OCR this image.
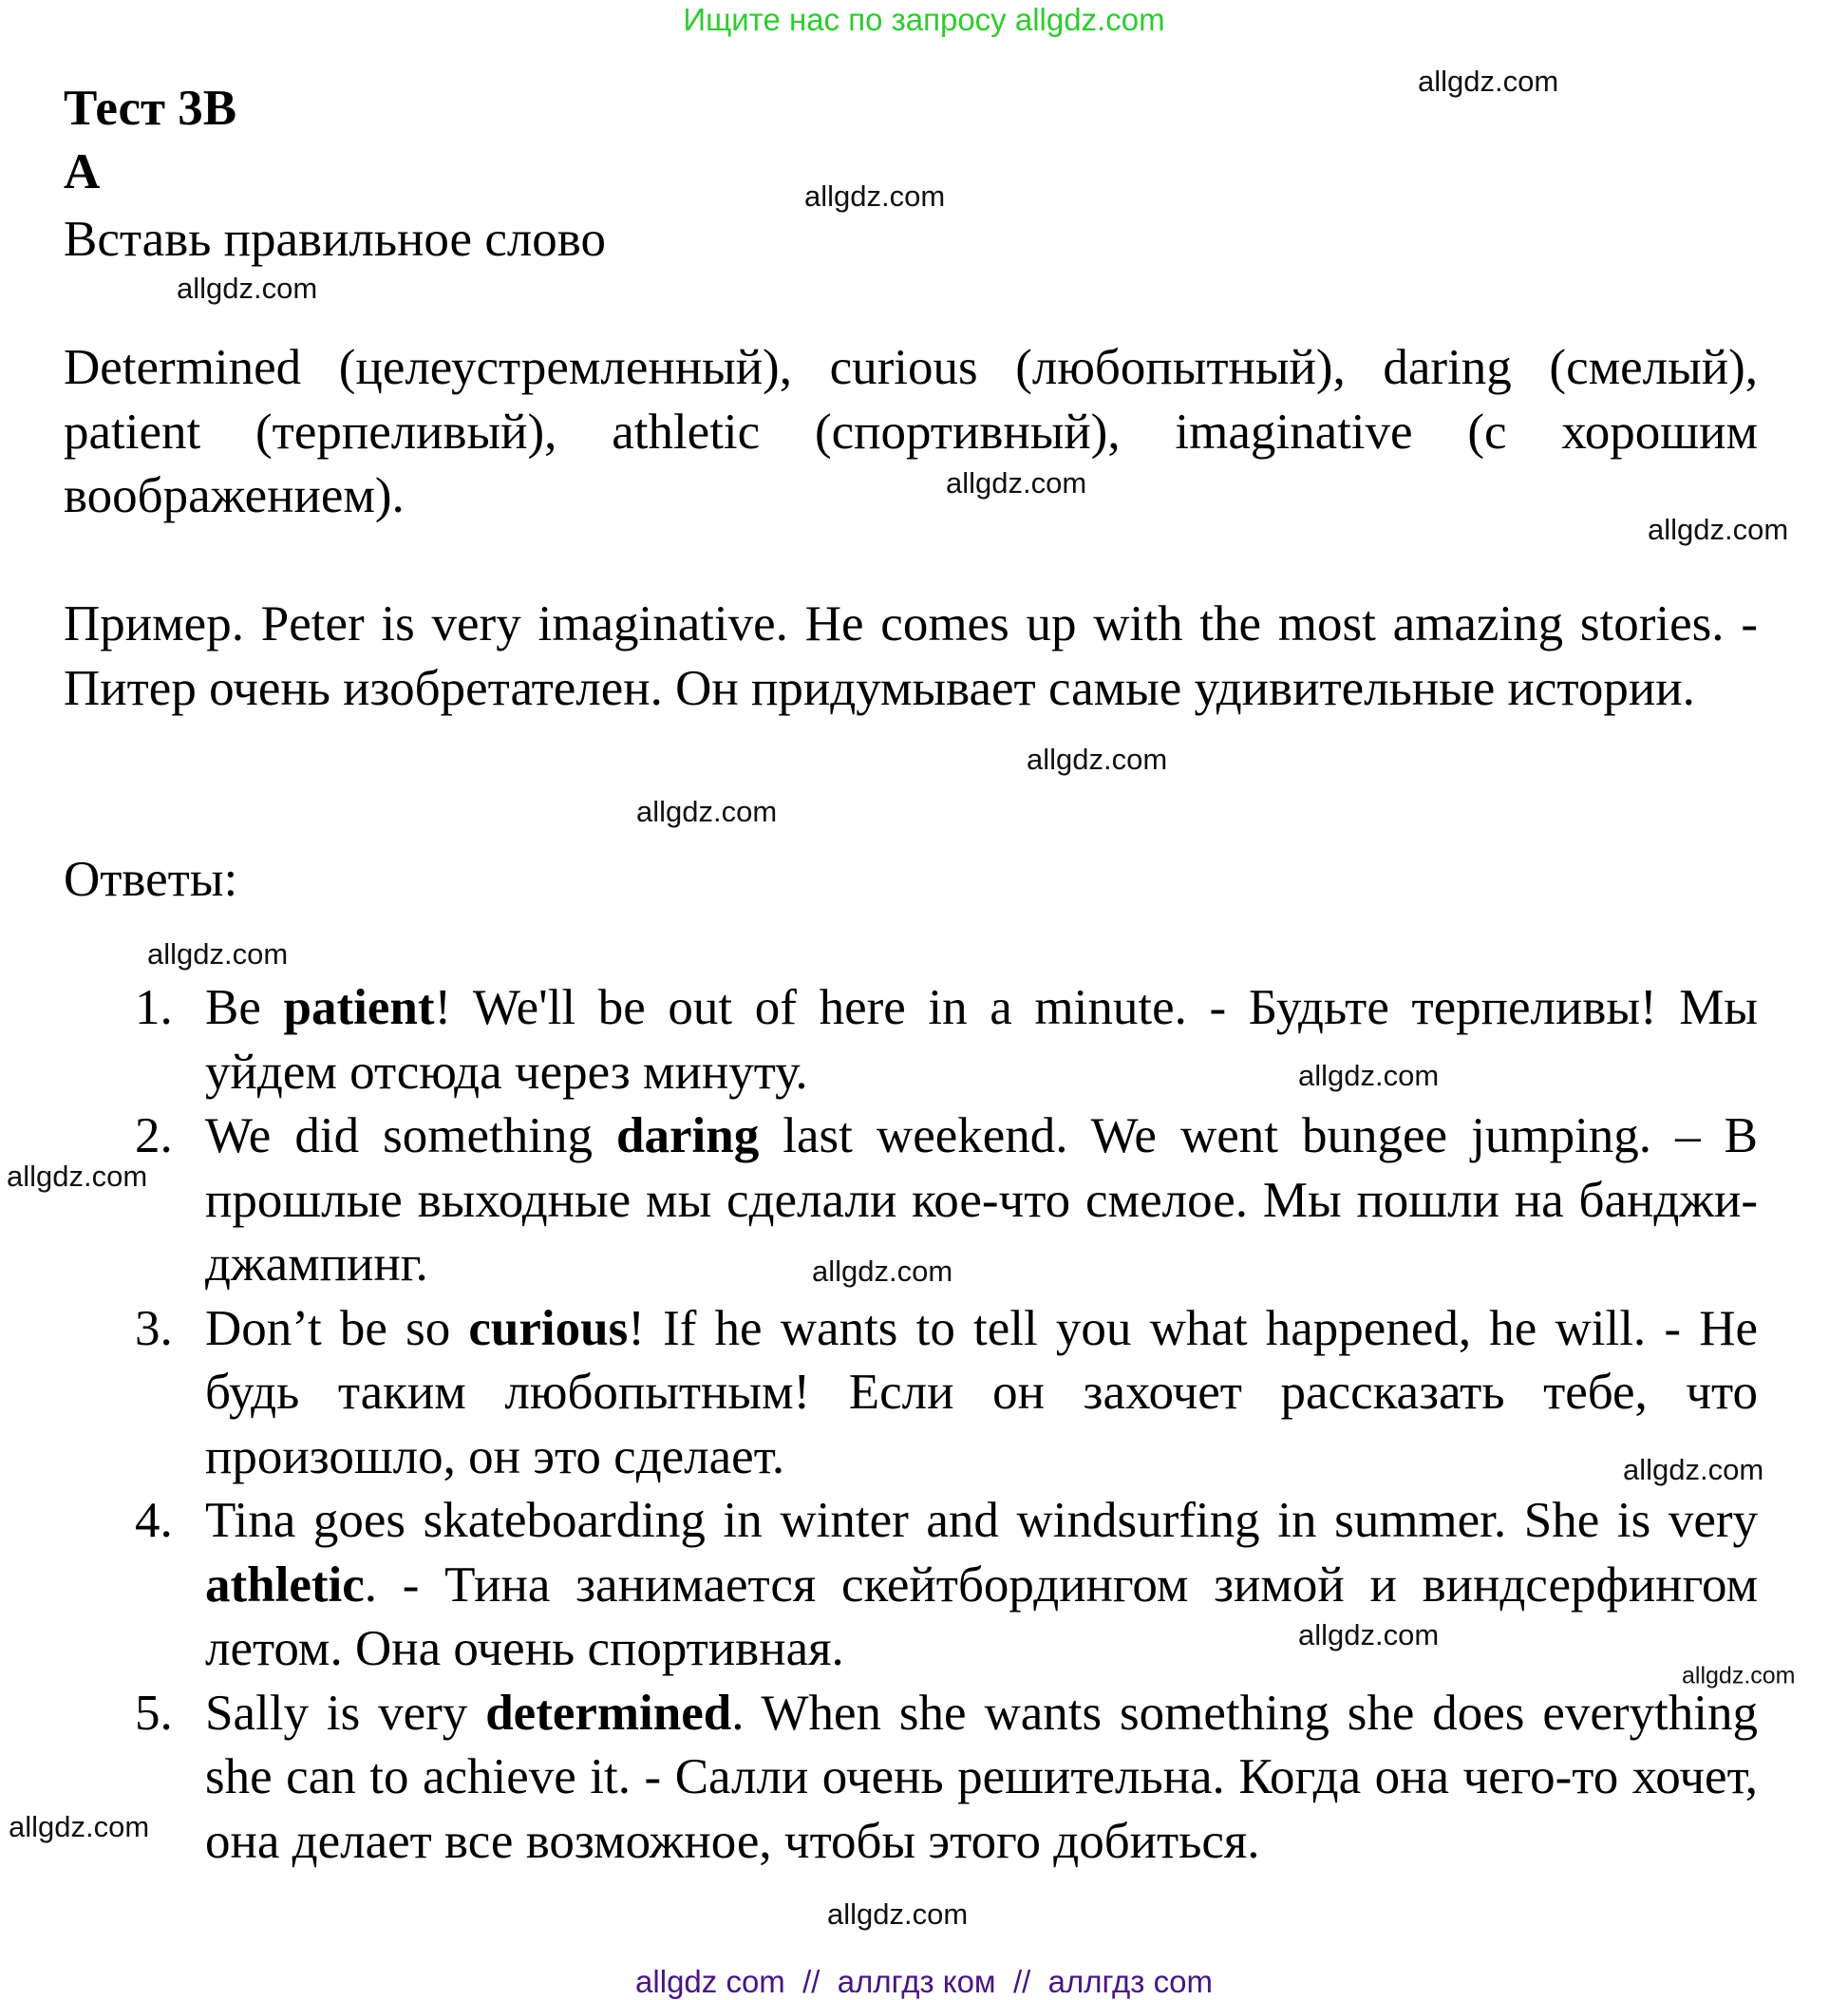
Ищите нас по запросу allgdz.com
Тест 3В
А
Вставь правильное слово
Determined (целеустремленный), curious (любопытный), daring (смелый), patient (терпеливый), athletic (спортивный), imaginative (с хорошим воображением).
Пример. Peter is very imaginative. He comes up with the most amazing stories. - Питер очень изобретателен. Он придумывает самые удивительные истории.
Ответы:
1. Be patient! We'll be out of here in a minute. - Будьте терпеливы! Мы уйдем отсюда через минуту.
2. We did something daring last weekend. We went bungee jumping. – В прошлые выходные мы сделали кое-что смелое. Мы пошли на банджи-джампинг.
3. Don’t be so curious! If he wants to tell you what happened, he will. - Не будь таким любопытным! Если он захочет рассказать тебе, что произошло, он это сделает.
4. Tina goes skateboarding in winter and windsurfing in summer. She is very athletic. - Тина занимается скейтбордингом зимой и виндсерфингом летом. Она очень спортивная.
5. Sally is very determined. When she wants something she does everything she can to achieve it. - Салли очень решительна. Когда она чего-то хочет, она делает все возможное, чтобы этого добиться.
allgdz.com
allgdz.com
allgdz.com
allgdz.com
allgdz.com
allgdz.com
allgdz.com
allgdz.com
allgdz.com
allgdz.com
allgdz.com
allgdz.com
allgdz.com
allgdz.com
allgdz.com
allgdz.com
allgdz com  //  аллгдз ком  //  аллгдз com
